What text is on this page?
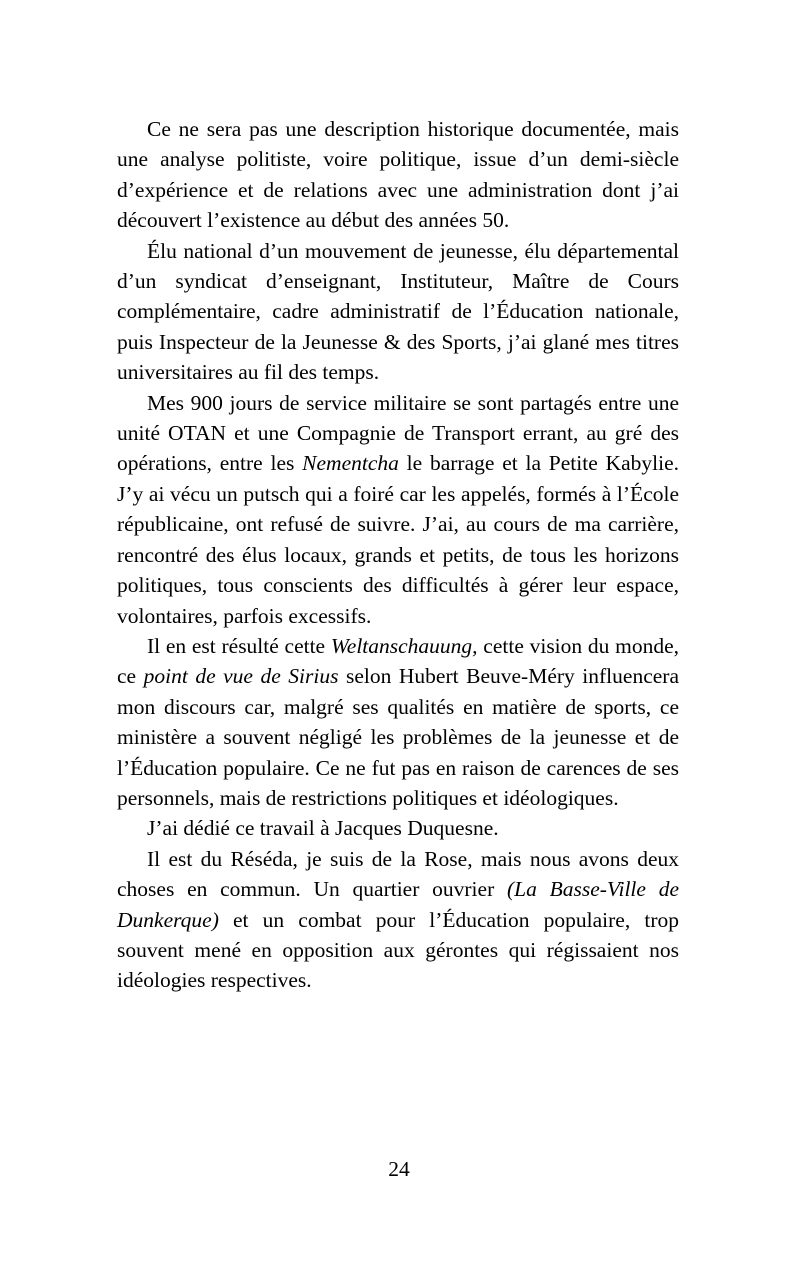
Ce ne sera pas une description historique documentée, mais une analyse politiste, voire politique, issue d’un demi-siècle d’expérience et de relations avec une administration dont j’ai découvert l’existence au début des années 50.

Élu national d’un mouvement de jeunesse, élu départemental d’un syndicat d’enseignant, Instituteur, Maître de Cours complémentaire, cadre administratif de l’Éducation nationale, puis Inspecteur de la Jeunesse & des Sports, j’ai glané mes titres universitaires au fil des temps.

Mes 900 jours de service militaire se sont partagés entre une unité OTAN et une Compagnie de Transport errant, au gré des opérations, entre les Nementcha le barrage et la Petite Kabylie. J’y ai vécu un putsch qui a foiré car les appelés, formés à l’École républicaine, ont refusé de suivre. J’ai, au cours de ma carrière, rencontré des élus locaux, grands et petits, de tous les horizons politiques, tous conscients des difficultés à gérer leur espace, volontaires, parfois excessifs.

Il en est résulté cette Weltanschauung, cette vision du monde, ce point de vue de Sirius selon Hubert Beuve-Méry influencera mon discours car, malgré ses qualités en matière de sports, ce ministère a souvent négligé les problèmes de la jeunesse et de l’Éducation populaire. Ce ne fut pas en raison de carences de ses personnels, mais de restrictions politiques et idéologiques.

J’ai dédié ce travail à Jacques Duquesne.

Il est du Réséda, je suis de la Rose, mais nous avons deux choses en commun. Un quartier ouvrier (La Basse-Ville de Dunkerque) et un combat pour l’Éducation populaire, trop souvent mené en opposition aux gérontes qui régissaient nos idéologies respectives.

24
